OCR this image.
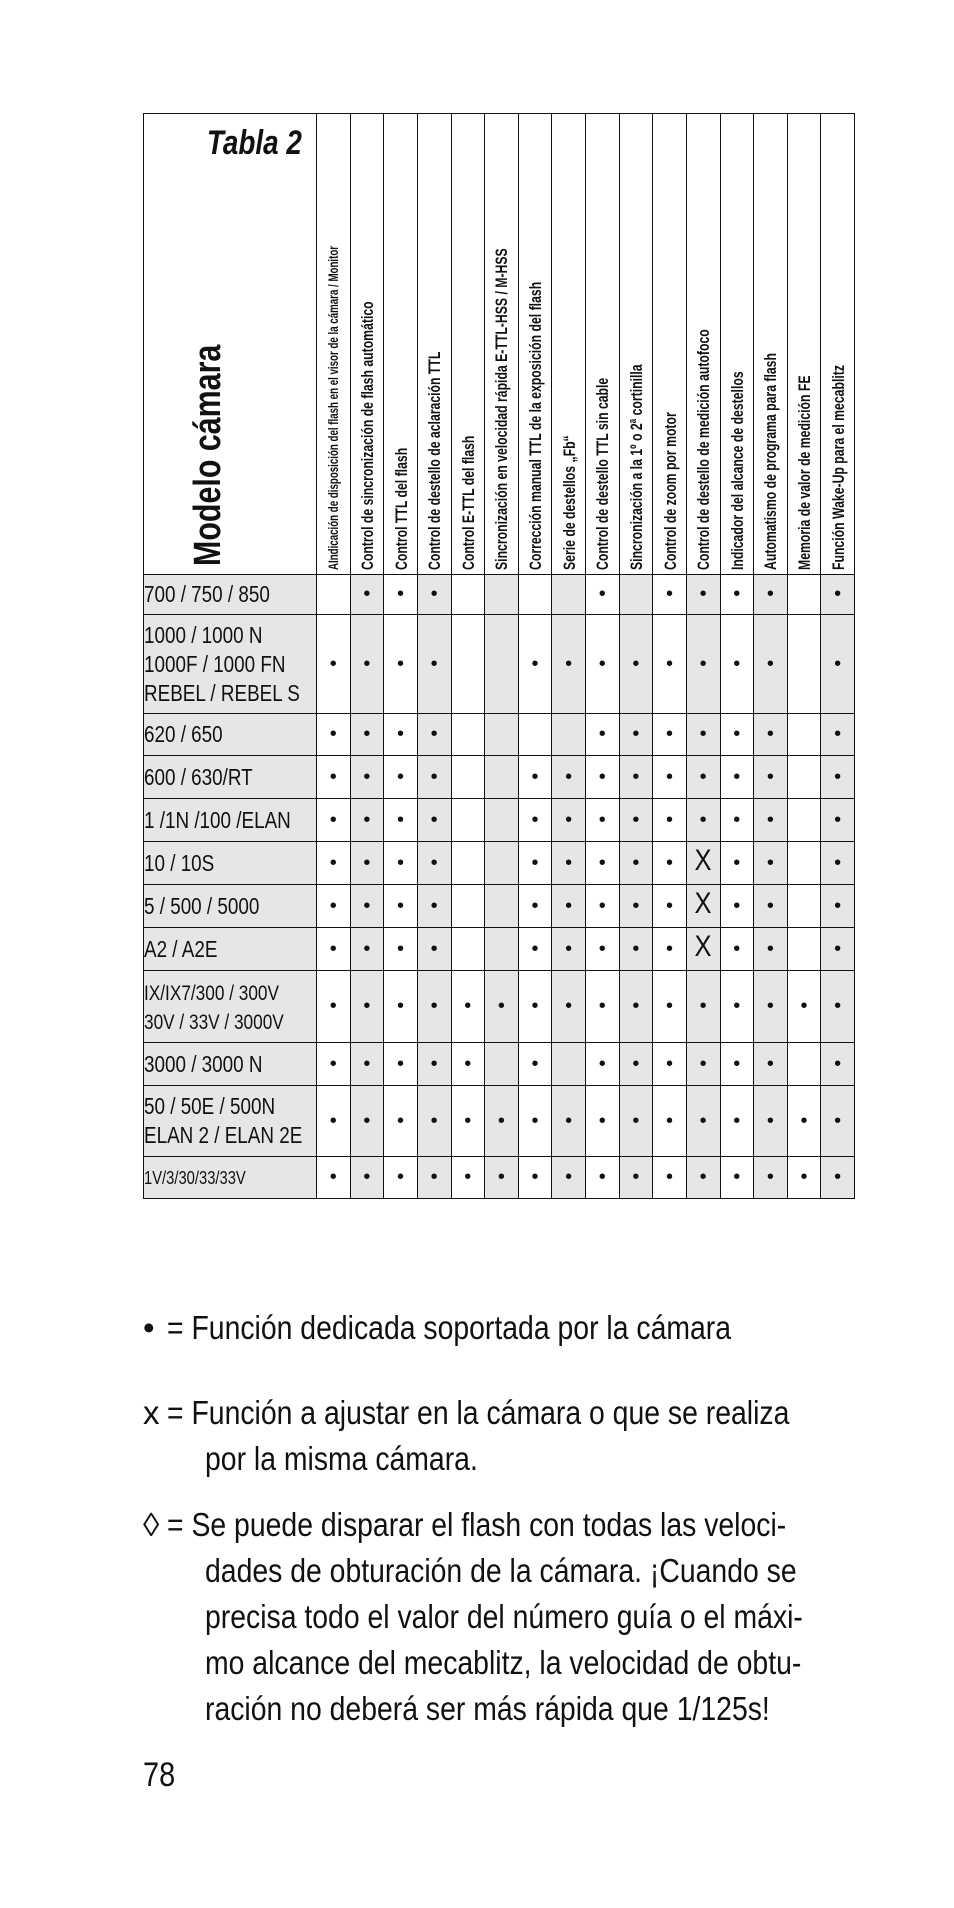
Tabla 2
Modelo cámara	AIndicación de disposición del flash en el visor de la cámara / Monitor	Control de sincronización de flash automático	Control TTL del flash	Control de destello de aclaración TTL	Control E-TTL del flash	Sincronización en velocidad rápida E-TTL-HSS / M-HSS	Corrección manual TTL de la exposición del flash	Serie de destellos „Fb“	Control de destello TTL sin cable	Sincronización a la 1º o 2ª cortinilla	Control de zoom por motor	Control de destello de medición autofoco	Indicador del alcance de destellos	Automatismo de programa para flash	Memoria de valor de medición FE	Función Wake-Up para el mecablitz

700 / 750 / 850		•	•	•					•		•	•	•	•		•
1000 / 1000 N
1000F / 1000 FN
REBEL / REBEL S	•	•	•	•			•	•	•	•	•	•	•	•		•
620 / 650	•	•	•	•					•	•	•	•	•	•		•
600 / 630/RT	•	•	•	•			•	•	•	•	•	•	•	•		•
1 /1N /100 /ELAN	•	•	•	•			•	•	•	•	•	•	•	•		•
10 / 10S	•	•	•	•			•	•	•	•	•	X	•	•		•
5 / 500 / 5000	•	•	•	•			•	•	•	•	•	X	•	•		•
A2 / A2E	•	•	•	•			•	•	•	•	•	X	•	•		•
IX/IX7/300 / 300V
30V / 33V / 3000V	•	•	•	•	•	•	•	•	•	•	•	•	•	•	•	•
3000 / 3000 N	•	•	•	•	•		•		•	•	•	•	•	•		•
50 / 50E / 500N
ELAN 2 / ELAN 2E	•	•	•	•	•	•	•	•	•	•	•	•	•	•	•	•
1V/3/30/33/33V	•	•	•	•	•	•	•	•	•	•	•	•	•	•	•	•
• = Función dedicada soportada por la cámara
x = Función a ajustar en la cámara o que se realiza
por la misma cámara.
◊ = Se puede disparar el flash con todas las veloci-
dades de obturación de la cámara. ¡Cuando se
precisa todo el valor del número guía o el máxi-
mo alcance del mecablitz, la velocidad de obtu-
ración no deberá ser más rápida que 1/125s!
78
